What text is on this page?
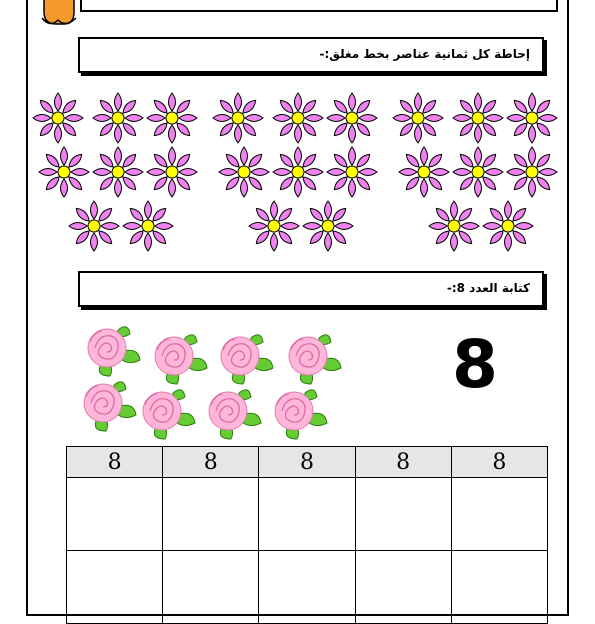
إحاطة كل ثمانية عناصر بخط مغلق:-
كتابة العدد 8:-
8
8	8	8	8	8
